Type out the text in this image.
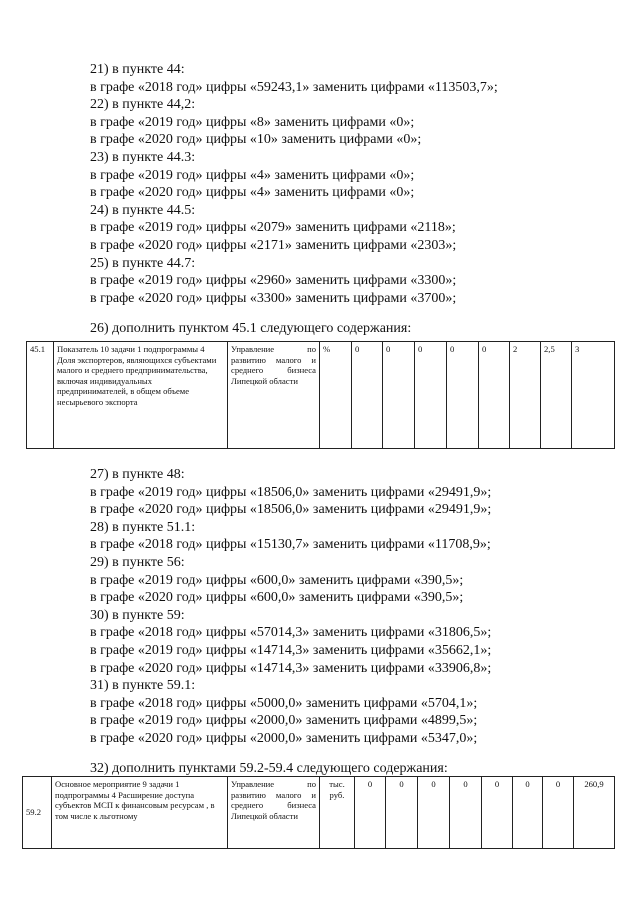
21) в пункте 44:
в графе «2018 год» цифры «59243,1» заменить цифрами «113503,7»;
22) в пункте 44,2:
в графе «2019 год» цифры «8» заменить цифрами «0»;
в графе «2020 год» цифры «10» заменить цифрами «0»;
23) в пункте 44.3:
в графе «2019 год» цифры «4» заменить цифрами «0»;
в графе «2020 год» цифры «4» заменить цифрами «0»;
24) в пункте 44.5:
в графе «2019 год» цифры «2079» заменить цифрами «2118»;
в графе «2020 год» цифры «2171» заменить цифрами «2303»;
25) в пункте 44.7:
в графе «2019 год» цифры «2960» заменить цифрами «3300»;
в графе «2020 год» цифры «3300» заменить цифрами «3700»;
26) дополнить пунктом 45.1 следующего содержания:
45.1	Показатель 10 задачи 1 подпрограммы 4 Доля экспортеров, являющихся субъектами малого и среднего предпринимательства, включая индивидуальных предпринимателей, в общем объеме несырьевого экспорта	Управление по развитию малого и среднего бизнеса Липецкой области	%	0	0	0	0	0	2	2,5	3
27) в пункте 48:
в графе «2019 год» цифры «18506,0» заменить цифрами «29491,9»;
в графе «2020 год» цифры «18506,0» заменить цифрами «29491,9»;
28) в пункте 51.1:
в графе «2018 год» цифры «15130,7» заменить цифрами «11708,9»;
29) в пункте 56:
в графе «2019 год» цифры «600,0» заменить цифрами «390,5»;
в графе «2020 год» цифры «600,0» заменить цифрами «390,5»;
30) в пункте 59:
в графе «2018 год» цифры «57014,3» заменить цифрами «31806,5»;
в графе «2019 год» цифры «14714,3» заменить цифрами «35662,1»;
в графе «2020 год» цифры «14714,3» заменить цифрами «33906,8»;
31) в пункте 59.1:
в графе «2018 год» цифры «5000,0» заменить цифрами «5704,1»;
в графе «2019 год» цифры «2000,0» заменить цифрами «4899,5»;
в графе «2020 год» цифры «2000,0» заменить цифрами «5347,0»;
32) дополнить пунктами 59.2-59.4 следующего содержания:
59.2	Основное мероприятие 9 задачи 1 подпрограммы 4 Расширение доступа субъектов МСП к финансовым ресурсам , в том числе к льготному	Управление по развитию малого и среднего бизнеса Липецкой области	тыс. руб.	0	0	0	0	0	0	0	260,9
